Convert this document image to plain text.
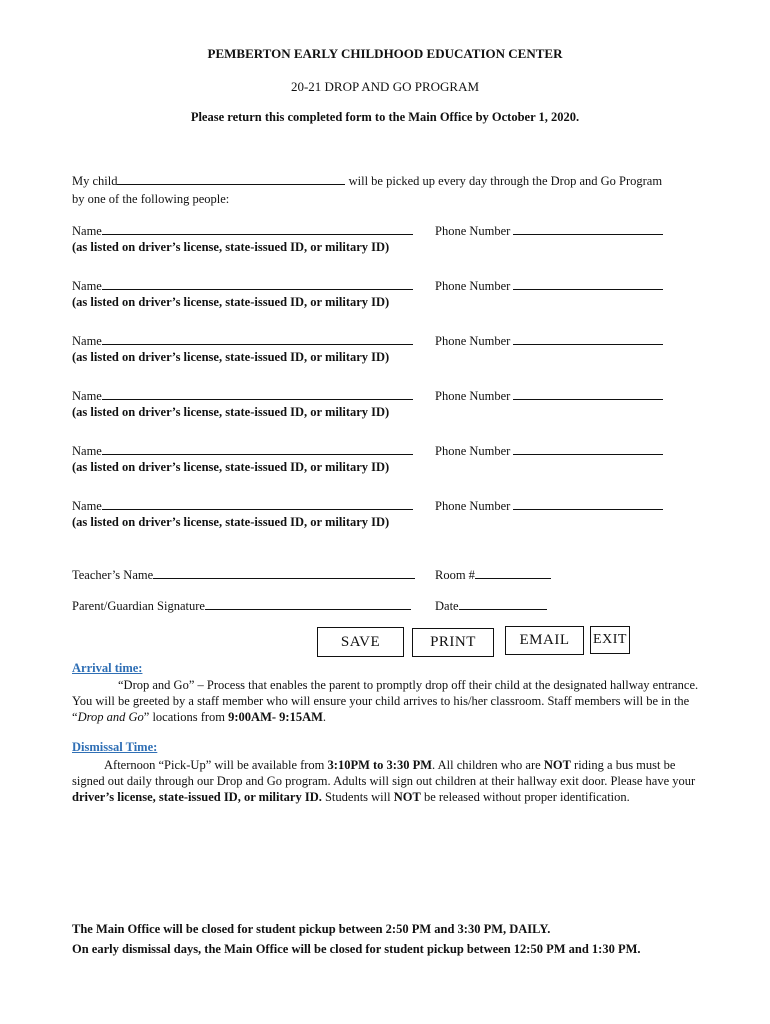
PEMBERTON EARLY CHILDHOOD EDUCATION CENTER
20-21 DROP AND GO PROGRAM
Please return this completed form to the Main Office by October 1, 2020.
My child	will be picked up every day through the Drop and Go Program
by one of the following people:
Name	Phone Number
(as listed on driver’s license, state-issued ID, or military ID)
Name	Phone Number
(as listed on driver’s license, state-issued ID, or military ID)
Name	Phone Number
(as listed on driver’s license, state-issued ID, or military ID)
Name	Phone Number
(as listed on driver’s license, state-issued ID, or military ID)
Name	Phone Number
(as listed on driver’s license, state-issued ID, or military ID)
Name	Phone Number
(as listed on driver’s license, state-issued ID, or military ID)
Teacher’s Name	Room #
Parent/Guardian Signature	Date
SAVE	PRINT	EMAIL	EXIT
Arrival time:
“Drop and Go” – Process that enables the parent to promptly drop off their child at the designated hallway entrance. You will be greeted by a staff member who will ensure your child arrives to his/her classroom. Staff members will be in the “Drop and Go” locations from 9:00AM- 9:15AM.
Dismissal Time:
Afternoon “Pick-Up” will be available from 3:10PM to 3:30 PM. All children who are NOT riding a bus must be signed out daily through our Drop and Go program. Adults will sign out children at their hallway exit door. Please have your driver’s license, state-issued ID, or military ID. Students will NOT be released without proper identification.
The Main Office will be closed for student pickup between 2:50 PM and 3:30 PM, DAILY.
On early dismissal days, the Main Office will be closed for student pickup between 12:50 PM and 1:30 PM.
